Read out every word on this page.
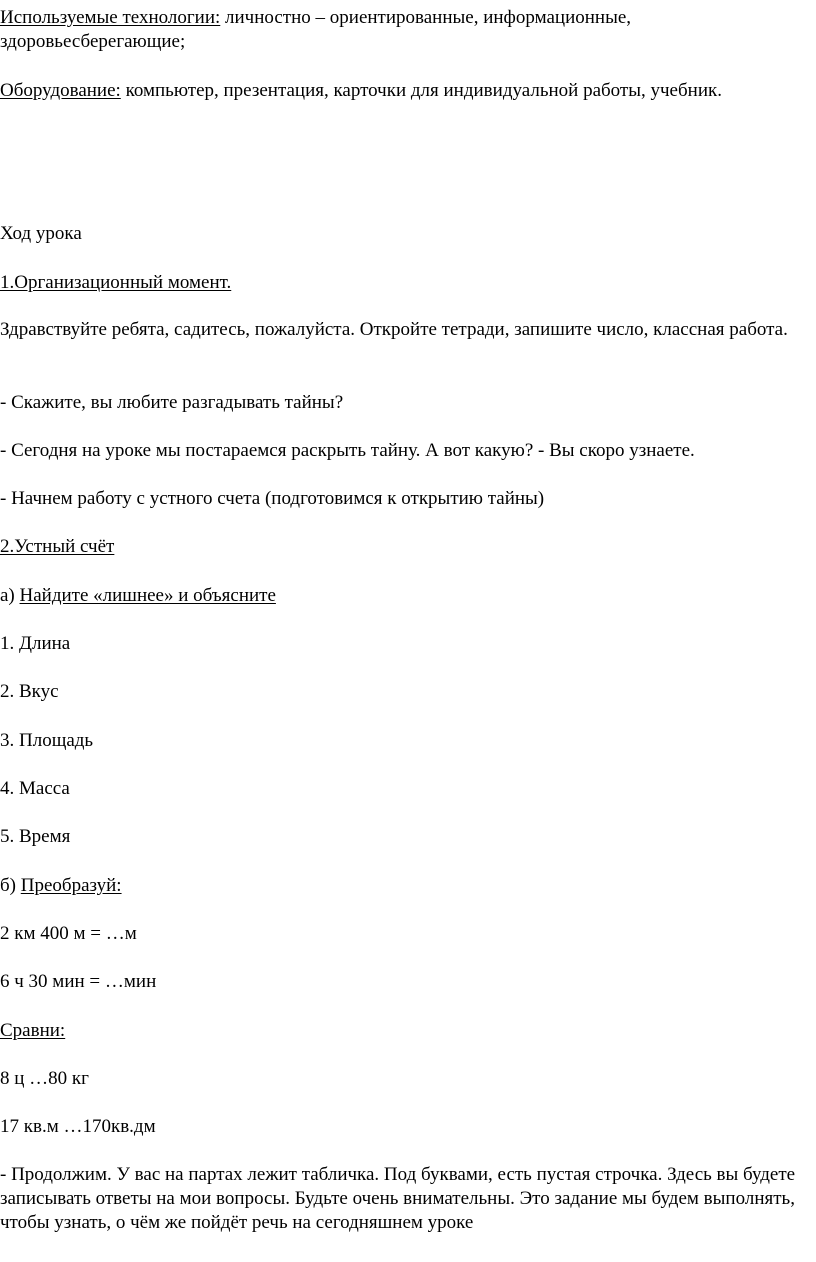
Используемые технологии: личностно – ориентированные, информационные, здоровьесберегающие;
Оборудование: компьютер, презентация, карточки для индивидуальной работы, учебник.
Ход урока
1.Организационный момент.
Здравствуйте ребята, садитесь, пожалуйста. Откройте тетради, запишите число, классная работа.
- Скажите, вы любите разгадывать тайны?
- Сегодня на уроке мы постараемся раскрыть тайну. А вот какую? - Вы скоро узнаете.
- Начнем работу с устного счета (подготовимся к открытию тайны)
2.Устный счёт
а) Найдите «лишнее» и объясните
1. Длина
2. Вкус
3. Площадь
4. Масса
5. Время
б) Преобразуй:
2 км 400 м = …м
6 ч 30 мин = …мин
Сравни:
8 ц …80 кг
17 кв.м …170кв.дм
- Продолжим. У вас на партах лежит табличка. Под буквами, есть пустая строчка. Здесь вы будете записывать ответы на мои вопросы. Будьте очень внимательны. Это задание мы будем выполнять, чтобы узнать, о чём же пойдёт речь на сегодняшнем уроке
